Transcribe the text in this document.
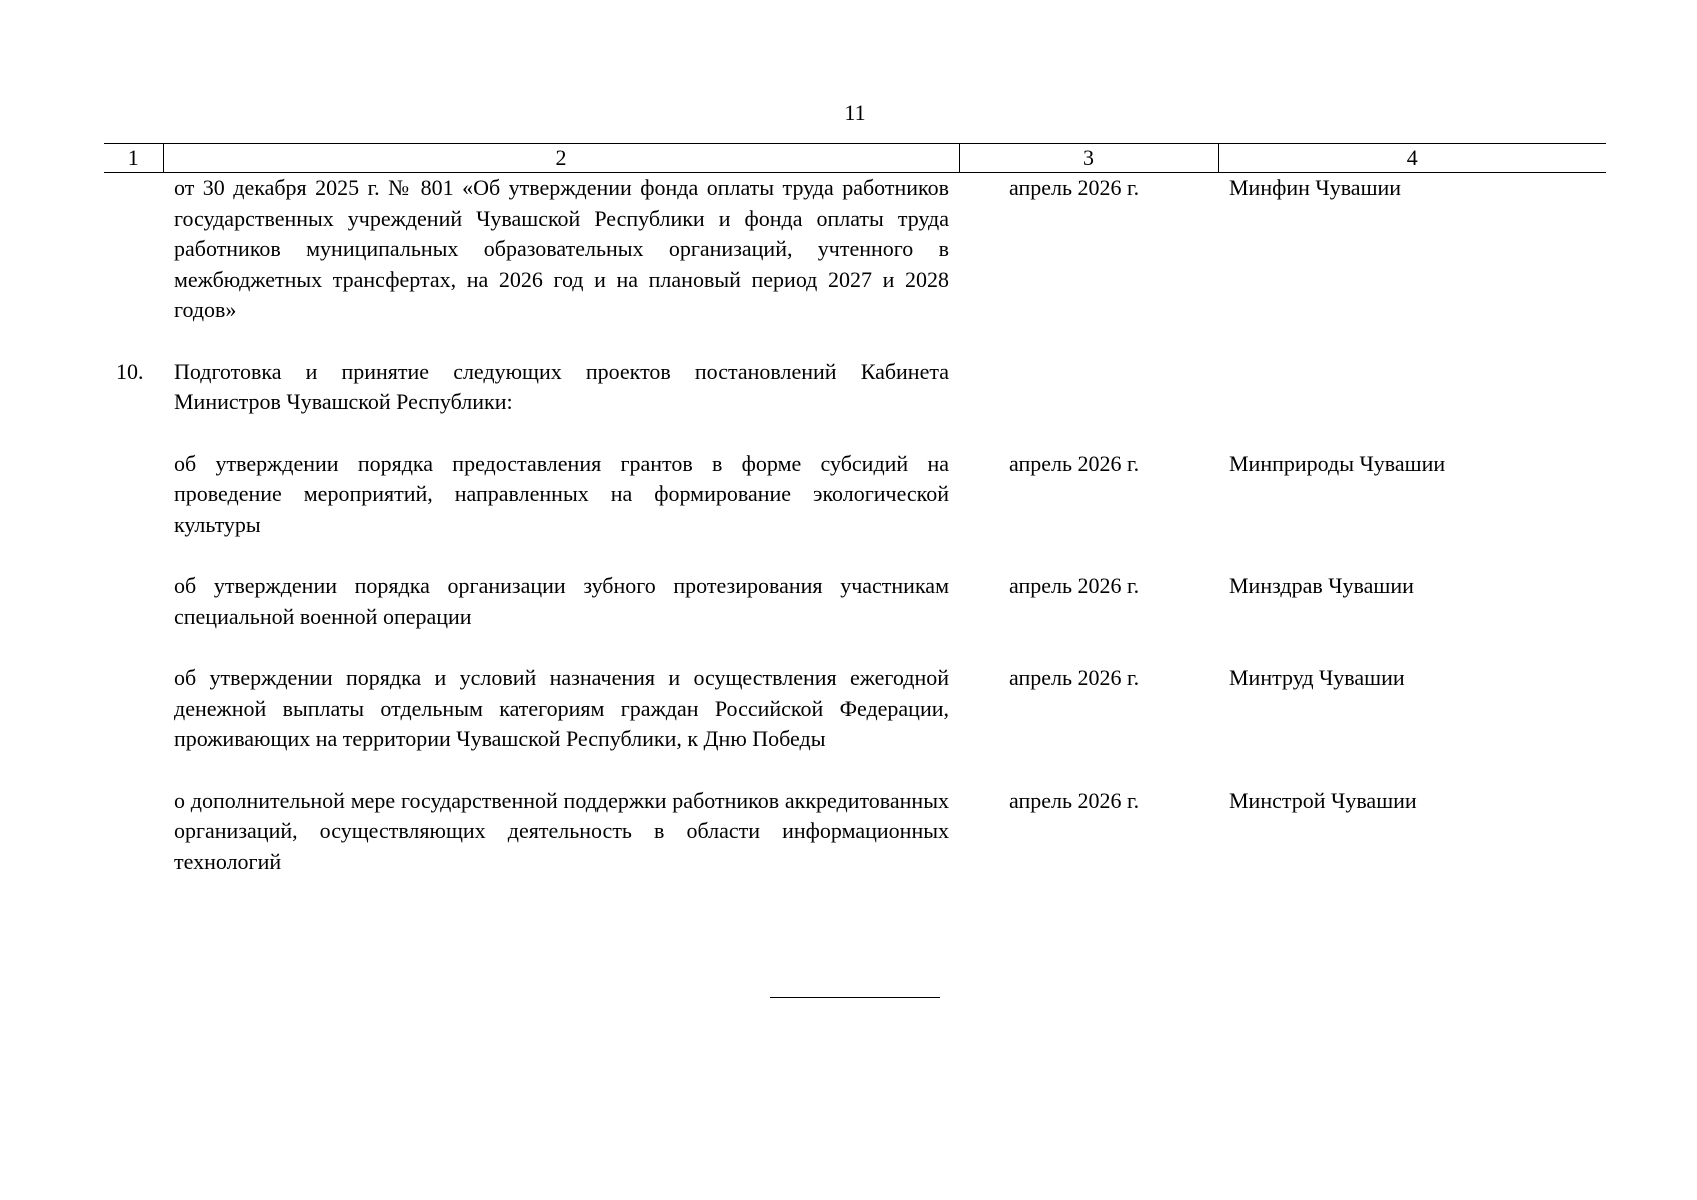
11
1	2	3	4
	от 30 декабря 2025 г. № 801 «Об утверждении фонда оплаты труда работников государственных учреждений Чувашской Республики и фонда оплаты труда работников муниципальных образовательных организаций, учтенного в межбюджетных трансфертах, на 2026 год и на плановый период 2027 и 2028 годов»	апрель 2026 г.	Минфин Чувашии

10.	Подготовка и принятие следующих проектов постановлений Кабинета Министров Чувашской Республики:		

	об утверждении порядка предоставления грантов в форме субсидий на проведение мероприятий, направленных на формирование экологической культуры	апрель 2026 г.	Минприроды Чувашии

	об утверждении порядка организации зубного протезирования участникам специальной военной операции	апрель 2026 г.	Минздрав Чувашии

	об утверждении порядка и условий назначения и осуществления ежегодной денежной выплаты отдельным категориям граждан Российской Федерации, проживающих на территории Чувашской Республики, к Дню Победы	апрель 2026 г.	Минтруд Чувашии

	о дополнительной мере государственной поддержки работников аккредитованных организаций, осуществляющих деятельность в области информационных технологий	апрель 2026 г.	Минстрой Чувашии
